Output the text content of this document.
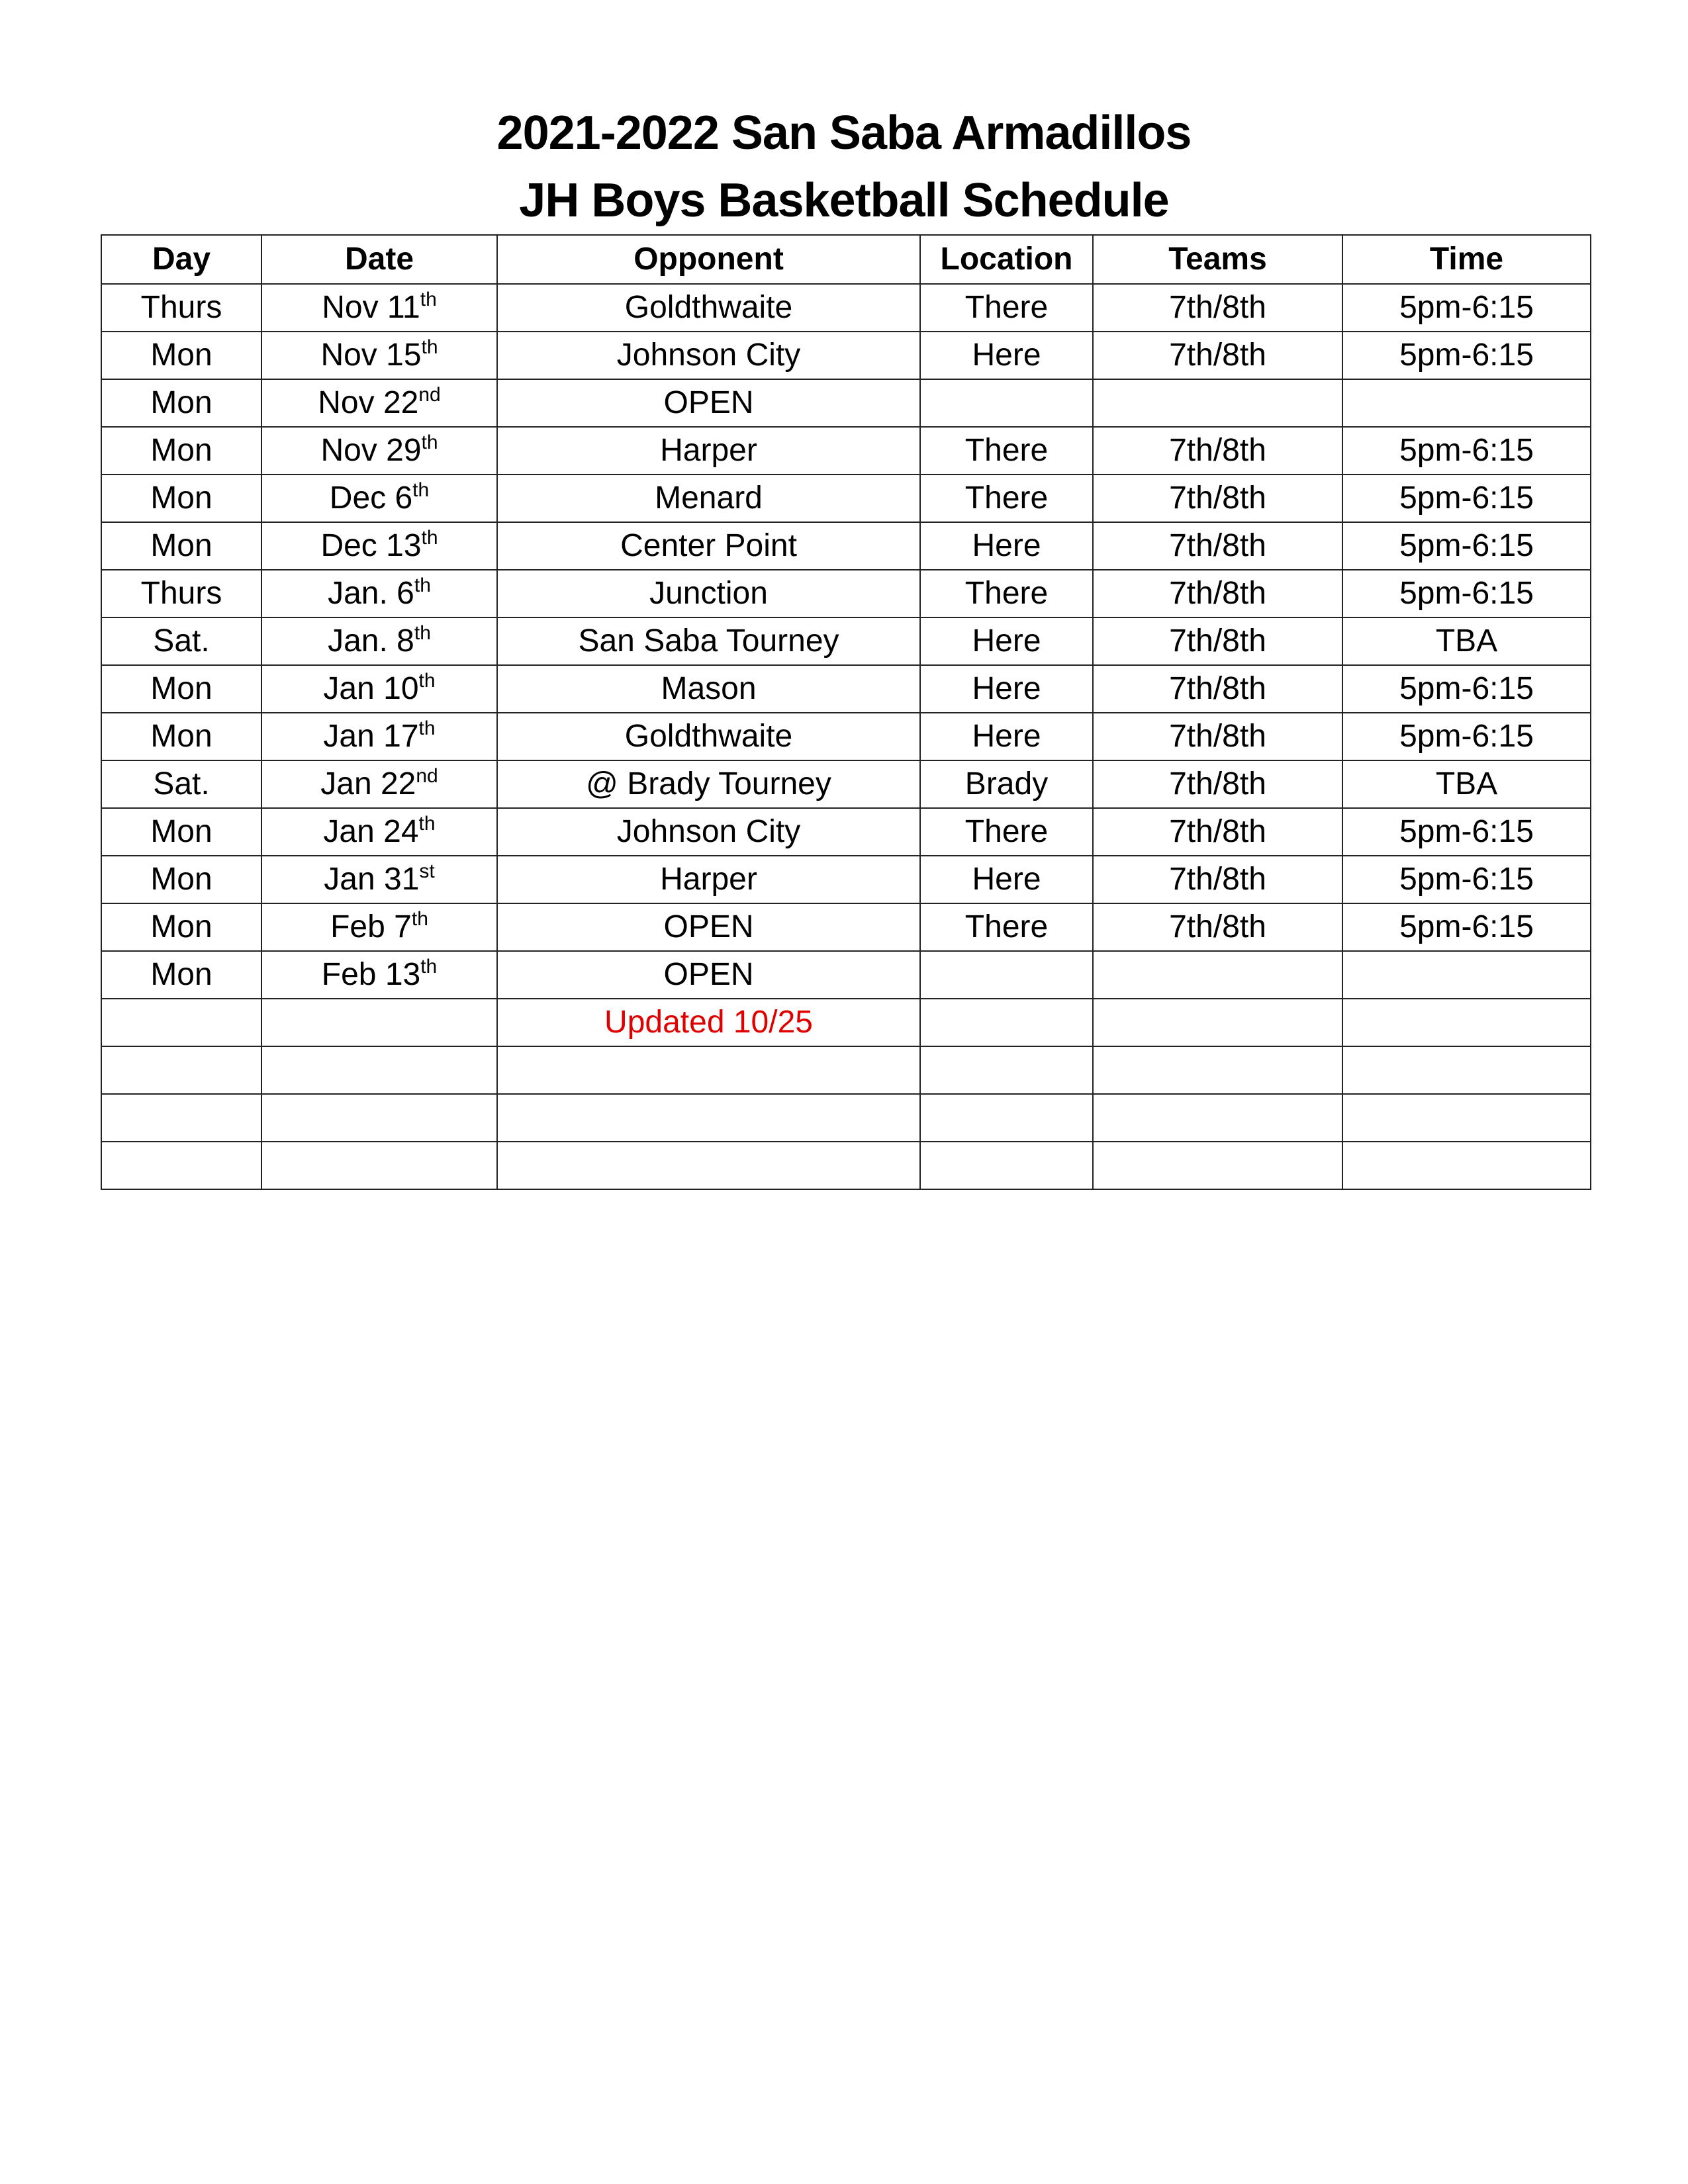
2021-2022 San Saba Armadillos
JH Boys Basketball Schedule
Day	Date	Opponent	Location	Teams	Time
Thurs	Nov 11th	Goldthwaite	There	7th/8th	5pm-6:15
Mon	Nov 15th	Johnson City	Here	7th/8th	5pm-6:15
Mon	Nov 22nd	OPEN			
Mon	Nov 29th	Harper	There	7th/8th	5pm-6:15
Mon	Dec 6th	Menard	There	7th/8th	5pm-6:15
Mon	Dec 13th	Center Point	Here	7th/8th	5pm-6:15
Thurs	Jan. 6th	Junction	There	7th/8th	5pm-6:15
Sat.	Jan. 8th	San Saba Tourney	Here	7th/8th	TBA
Mon	Jan 10th	Mason	Here	7th/8th	5pm-6:15
Mon	Jan 17th	Goldthwaite	Here	7th/8th	5pm-6:15
Sat.	Jan 22nd	@ Brady Tourney	Brady	7th/8th	TBA
Mon	Jan 24th	Johnson City	There	7th/8th	5pm-6:15
Mon	Jan 31st	Harper	Here	7th/8th	5pm-6:15
Mon	Feb 7th	OPEN	There	7th/8th	5pm-6:15
Mon	Feb 13th	OPEN			
		Updated 10/25			
